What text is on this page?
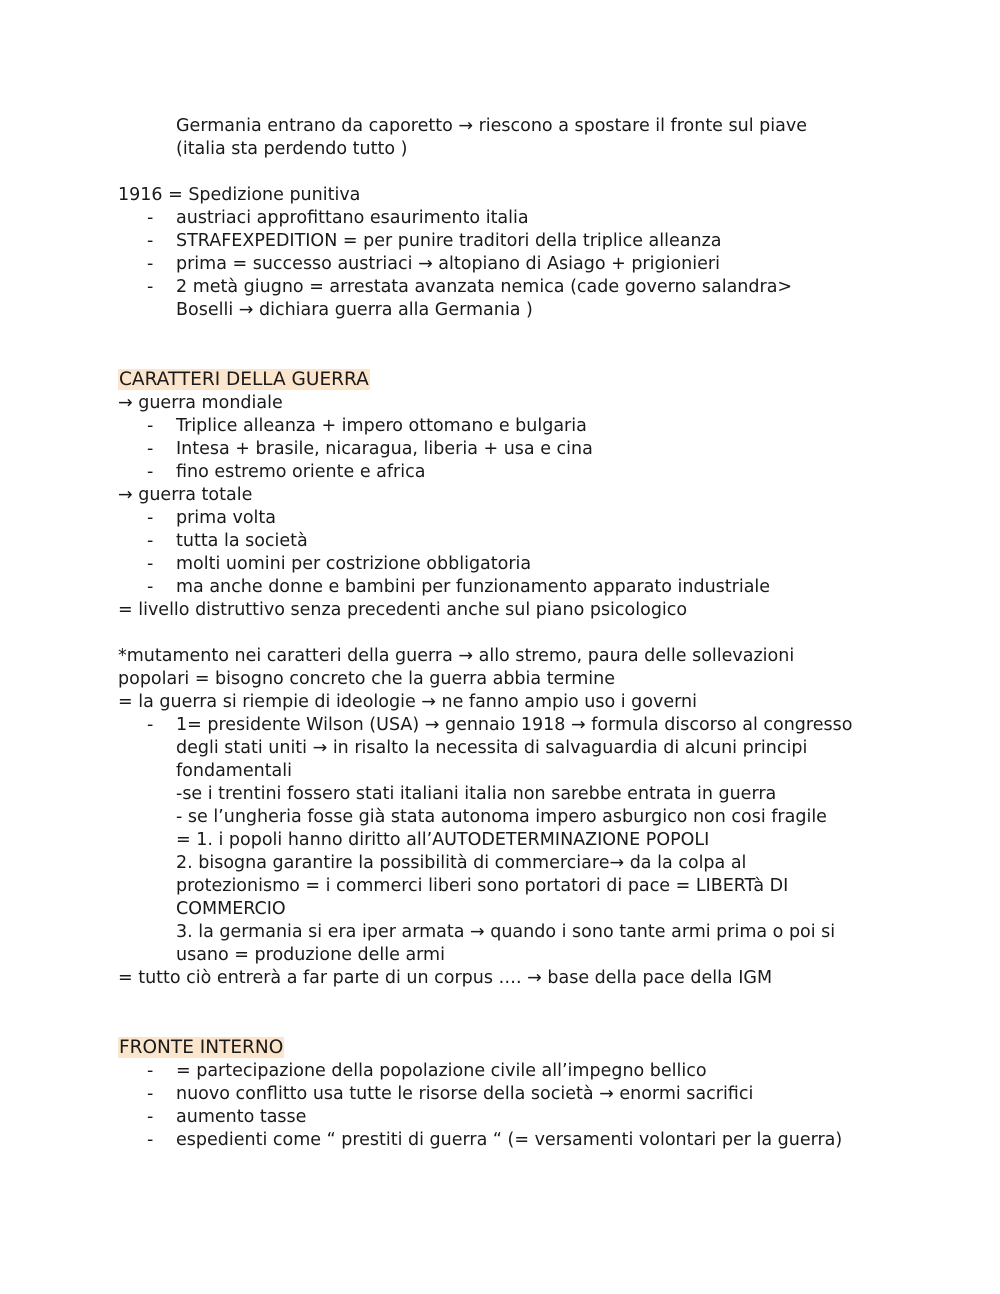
Germania entrano da caporetto → riescono a spostare il fronte sul piave
(italia sta perdendo tutto )
1916 = Spedizione punitiva
- austriaci approfittano esaurimento italia
- STRAFEXPEDITION = per punire traditori della triplice alleanza
- prima = successo austriaci → altopiano di Asiago + prigionieri
- 2 metà giugno = arrestata avanzata nemica (cade governo salandra>
Boselli → dichiara guerra alla Germania )
CARATTERI DELLA GUERRA
→ guerra mondiale
- Triplice alleanza + impero ottomano e bulgaria
- Intesa + brasile, nicaragua, liberia + usa e cina
- fino estremo oriente e africa
→ guerra totale
- prima volta
- tutta la società
- molti uomini per costrizione obbligatoria
- ma anche donne e bambini per funzionamento apparato industriale
= livello distruttivo senza precedenti anche sul piano psicologico
*mutamento nei caratteri della guerra → allo stremo, paura delle sollevazioni
popolari = bisogno concreto che la guerra abbia termine
= la guerra si riempie di ideologie → ne fanno ampio uso i governi
- 1= presidente Wilson (USA) → gennaio 1918 → formula discorso al congresso
degli stati uniti → in risalto la necessita di salvaguardia di alcuni principi
fondamentali
-se i trentini fossero stati italiani italia non sarebbe entrata in guerra
- se l’ungheria fosse già stata autonoma impero asburgico non cosi fragile
= 1. i popoli hanno diritto all’AUTODETERMINAZIONE POPOLI
2. bisogna garantire la possibilità di commerciare→ da la colpa al
protezionismo = i commerci liberi sono portatori di pace = LIBERTà DI
COMMERCIO
3. la germania si era iper armata → quando i sono tante armi prima o poi si
usano = produzione delle armi
= tutto ciò entrerà a far parte di un corpus …. → base della pace della IGM
FRONTE INTERNO
- = partecipazione della popolazione civile all’impegno bellico
- nuovo conflitto usa tutte le risorse della società → enormi sacrifici
- aumento tasse
- espedienti come “ prestiti di guerra “ (= versamenti volontari per la guerra)
